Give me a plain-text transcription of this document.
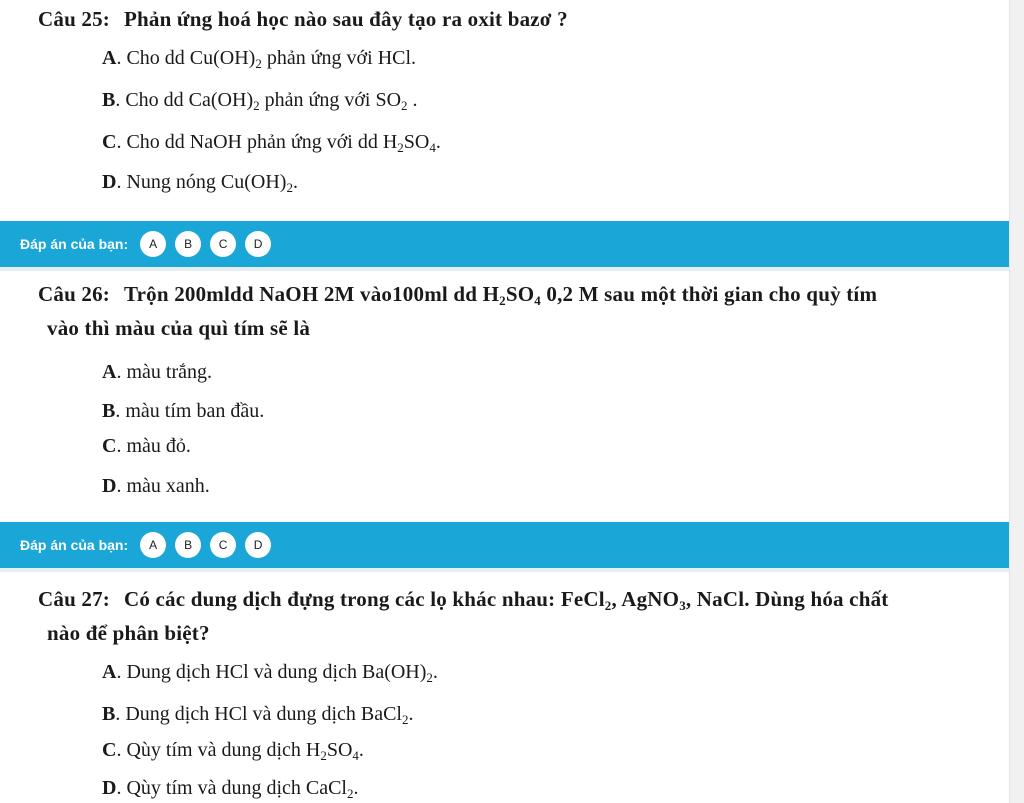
Câu 25: Phản ứng hoá học nào sau đây tạo ra oxit bazơ ?
A. Cho dd $Cu(OH)_2$ phản ứng với HCl.
B. Cho dd $Ca(OH)_2$ phản ứng với $SO_2$ .
C. Cho dd NaOH phản ứng với dd $H_2SO_4$.
D. Nung nóng $Cu(OH)_2$.
Đáp án của bạn:	A	B	C	D
Câu 26: Trộn 200mldd NaOH 2M vào100ml dd $H_2SO_4$ 0,2 M sau một thời gian cho quỳ tím
vào thì màu của quì tím sẽ là
A. màu trắng.
B. màu tím ban đầu.
C. màu đỏ.
D. màu xanh.
Đáp án của bạn:	A	B	C	D
Câu 27: Có các dung dịch đựng trong các lọ khác nhau: FeCl$_2$, AgNO$_3$, NaCl. Dùng hóa chất
nào để phân biệt?
A. Dung dịch HCl và dung dịch $Ba(OH)_2$.
B. Dung dịch HCl và dung dịch BaCl$_2$.
C. Qùy tím và dung dịch $H_2SO_4$.
D. Qùy tím và dung dịch CaCl$_2$.
